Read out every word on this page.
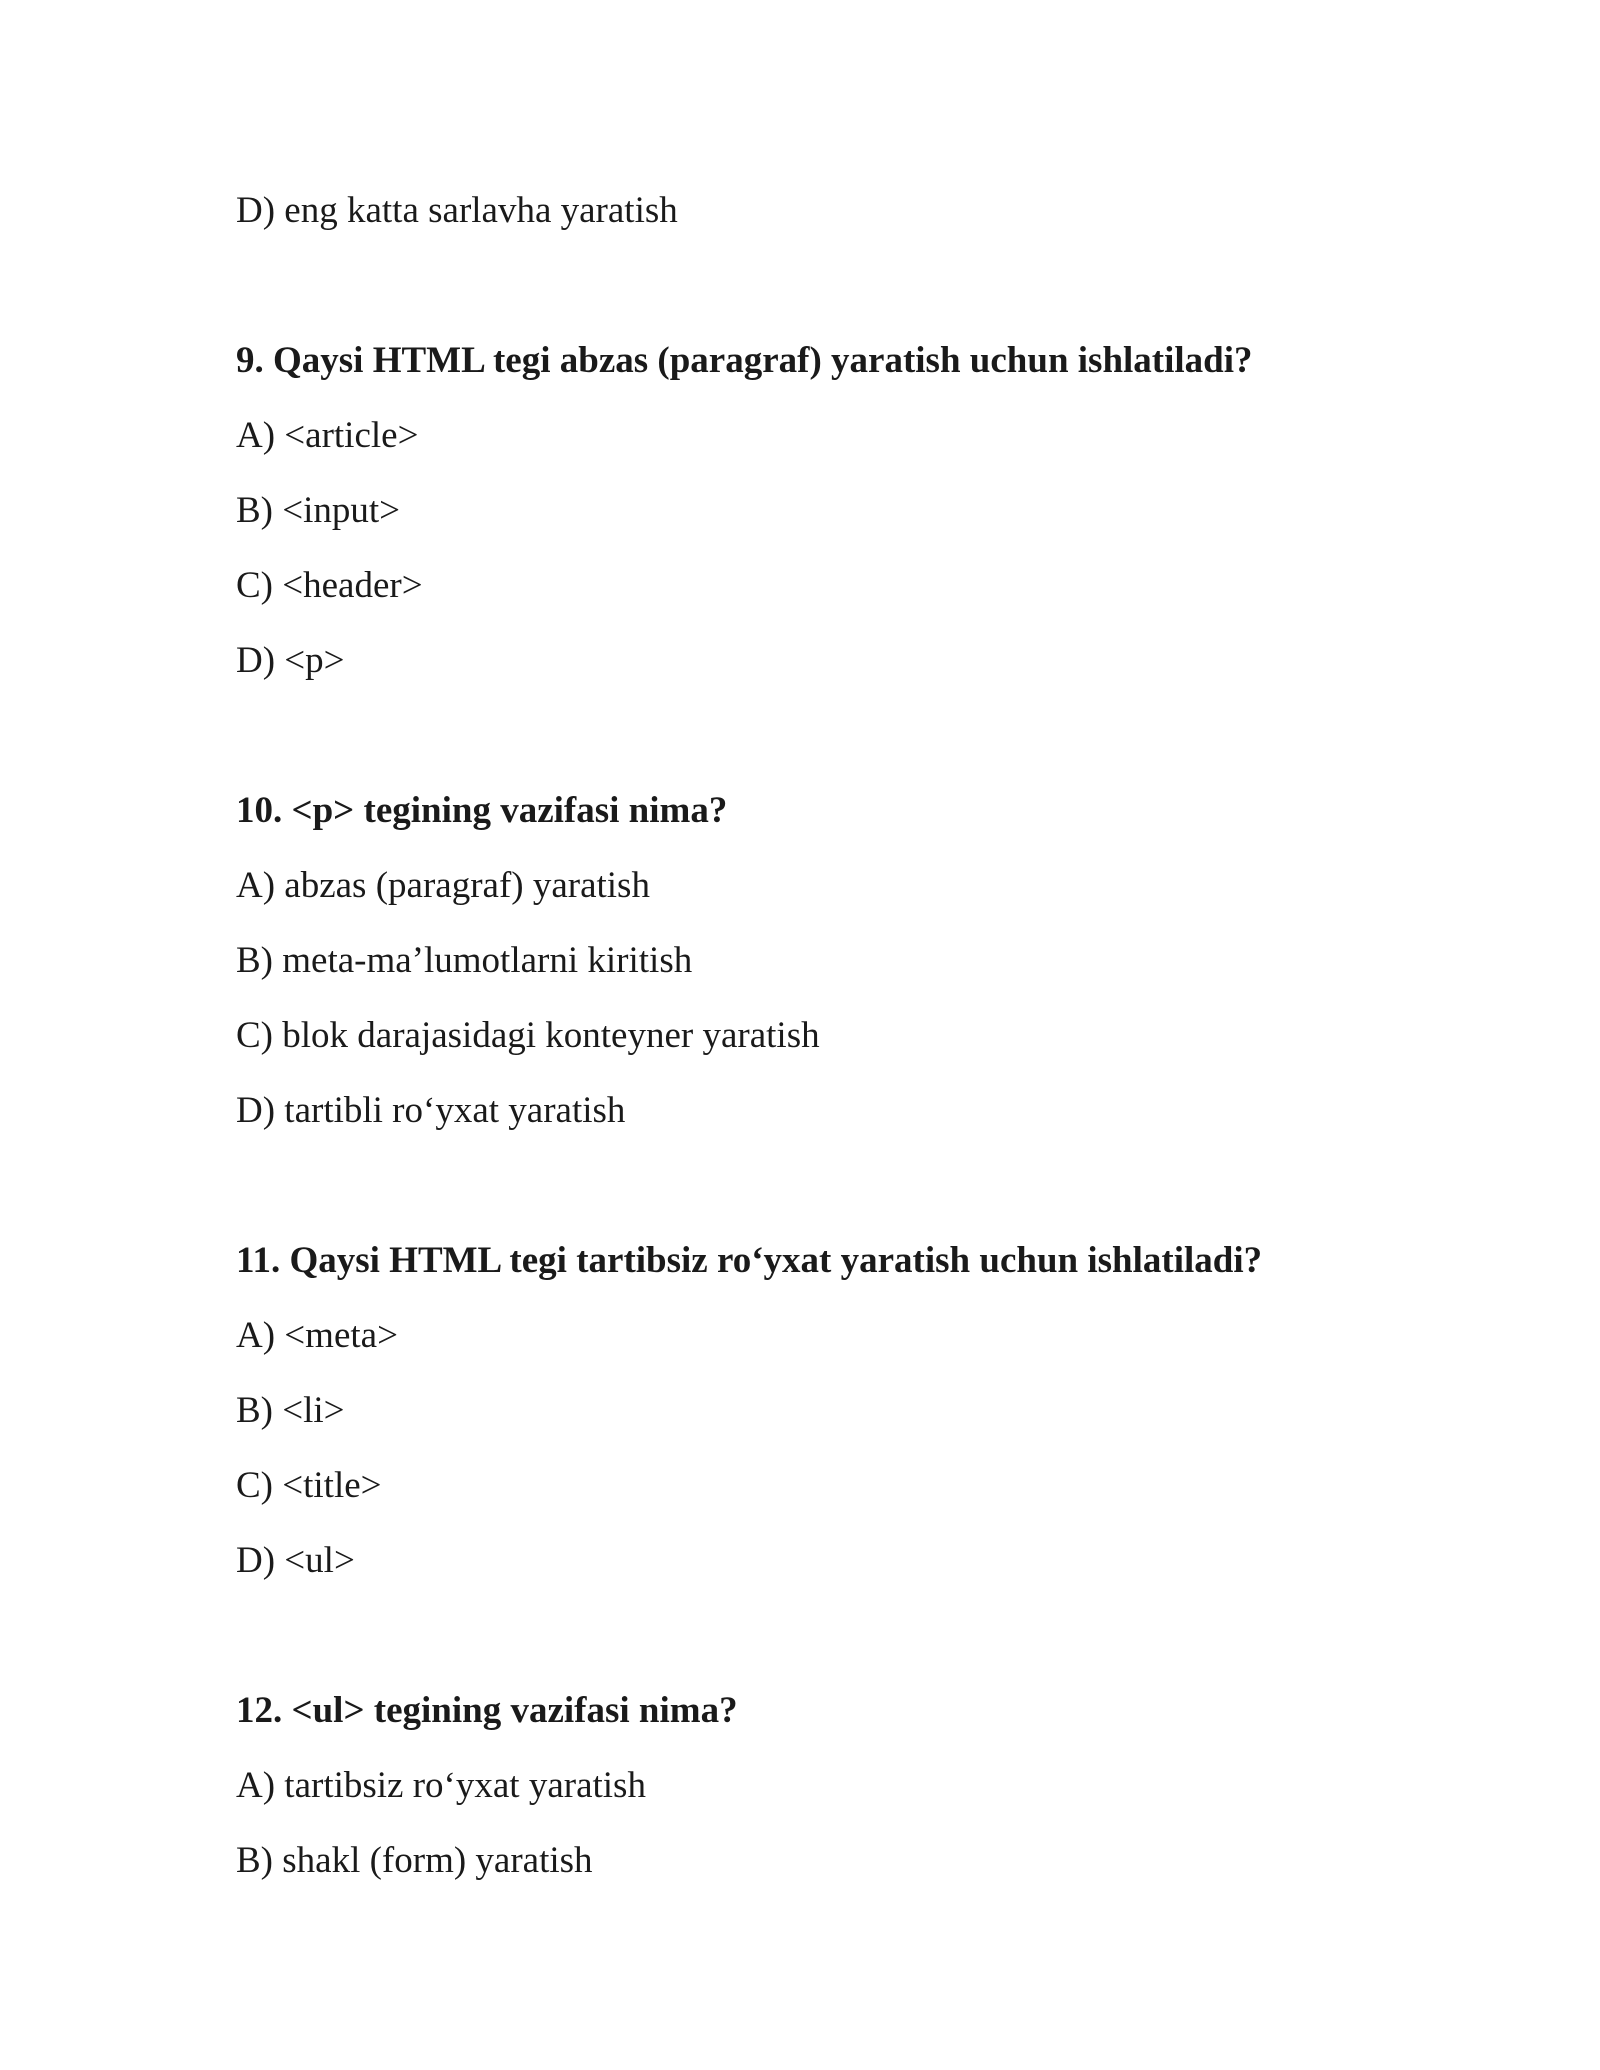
D) eng katta sarlavha yaratish
9. Qaysi HTML tegi abzas (paragraf) yaratish uchun ishlatiladi?
A) <article>
B) <input>
C) <header>
D) <p>
10. <p> tegining vazifasi nima?
A) abzas (paragraf) yaratish
B) meta-ma’lumotlarni kiritish
C) blok darajasidagi konteyner yaratish
D) tartibli ro‘yxat yaratish
11. Qaysi HTML tegi tartibsiz ro‘yxat yaratish uchun ishlatiladi?
A) <meta>
B) <li>
C) <title>
D) <ul>
12. <ul> tegining vazifasi nima?
A) tartibsiz ro‘yxat yaratish
B) shakl (form) yaratish
